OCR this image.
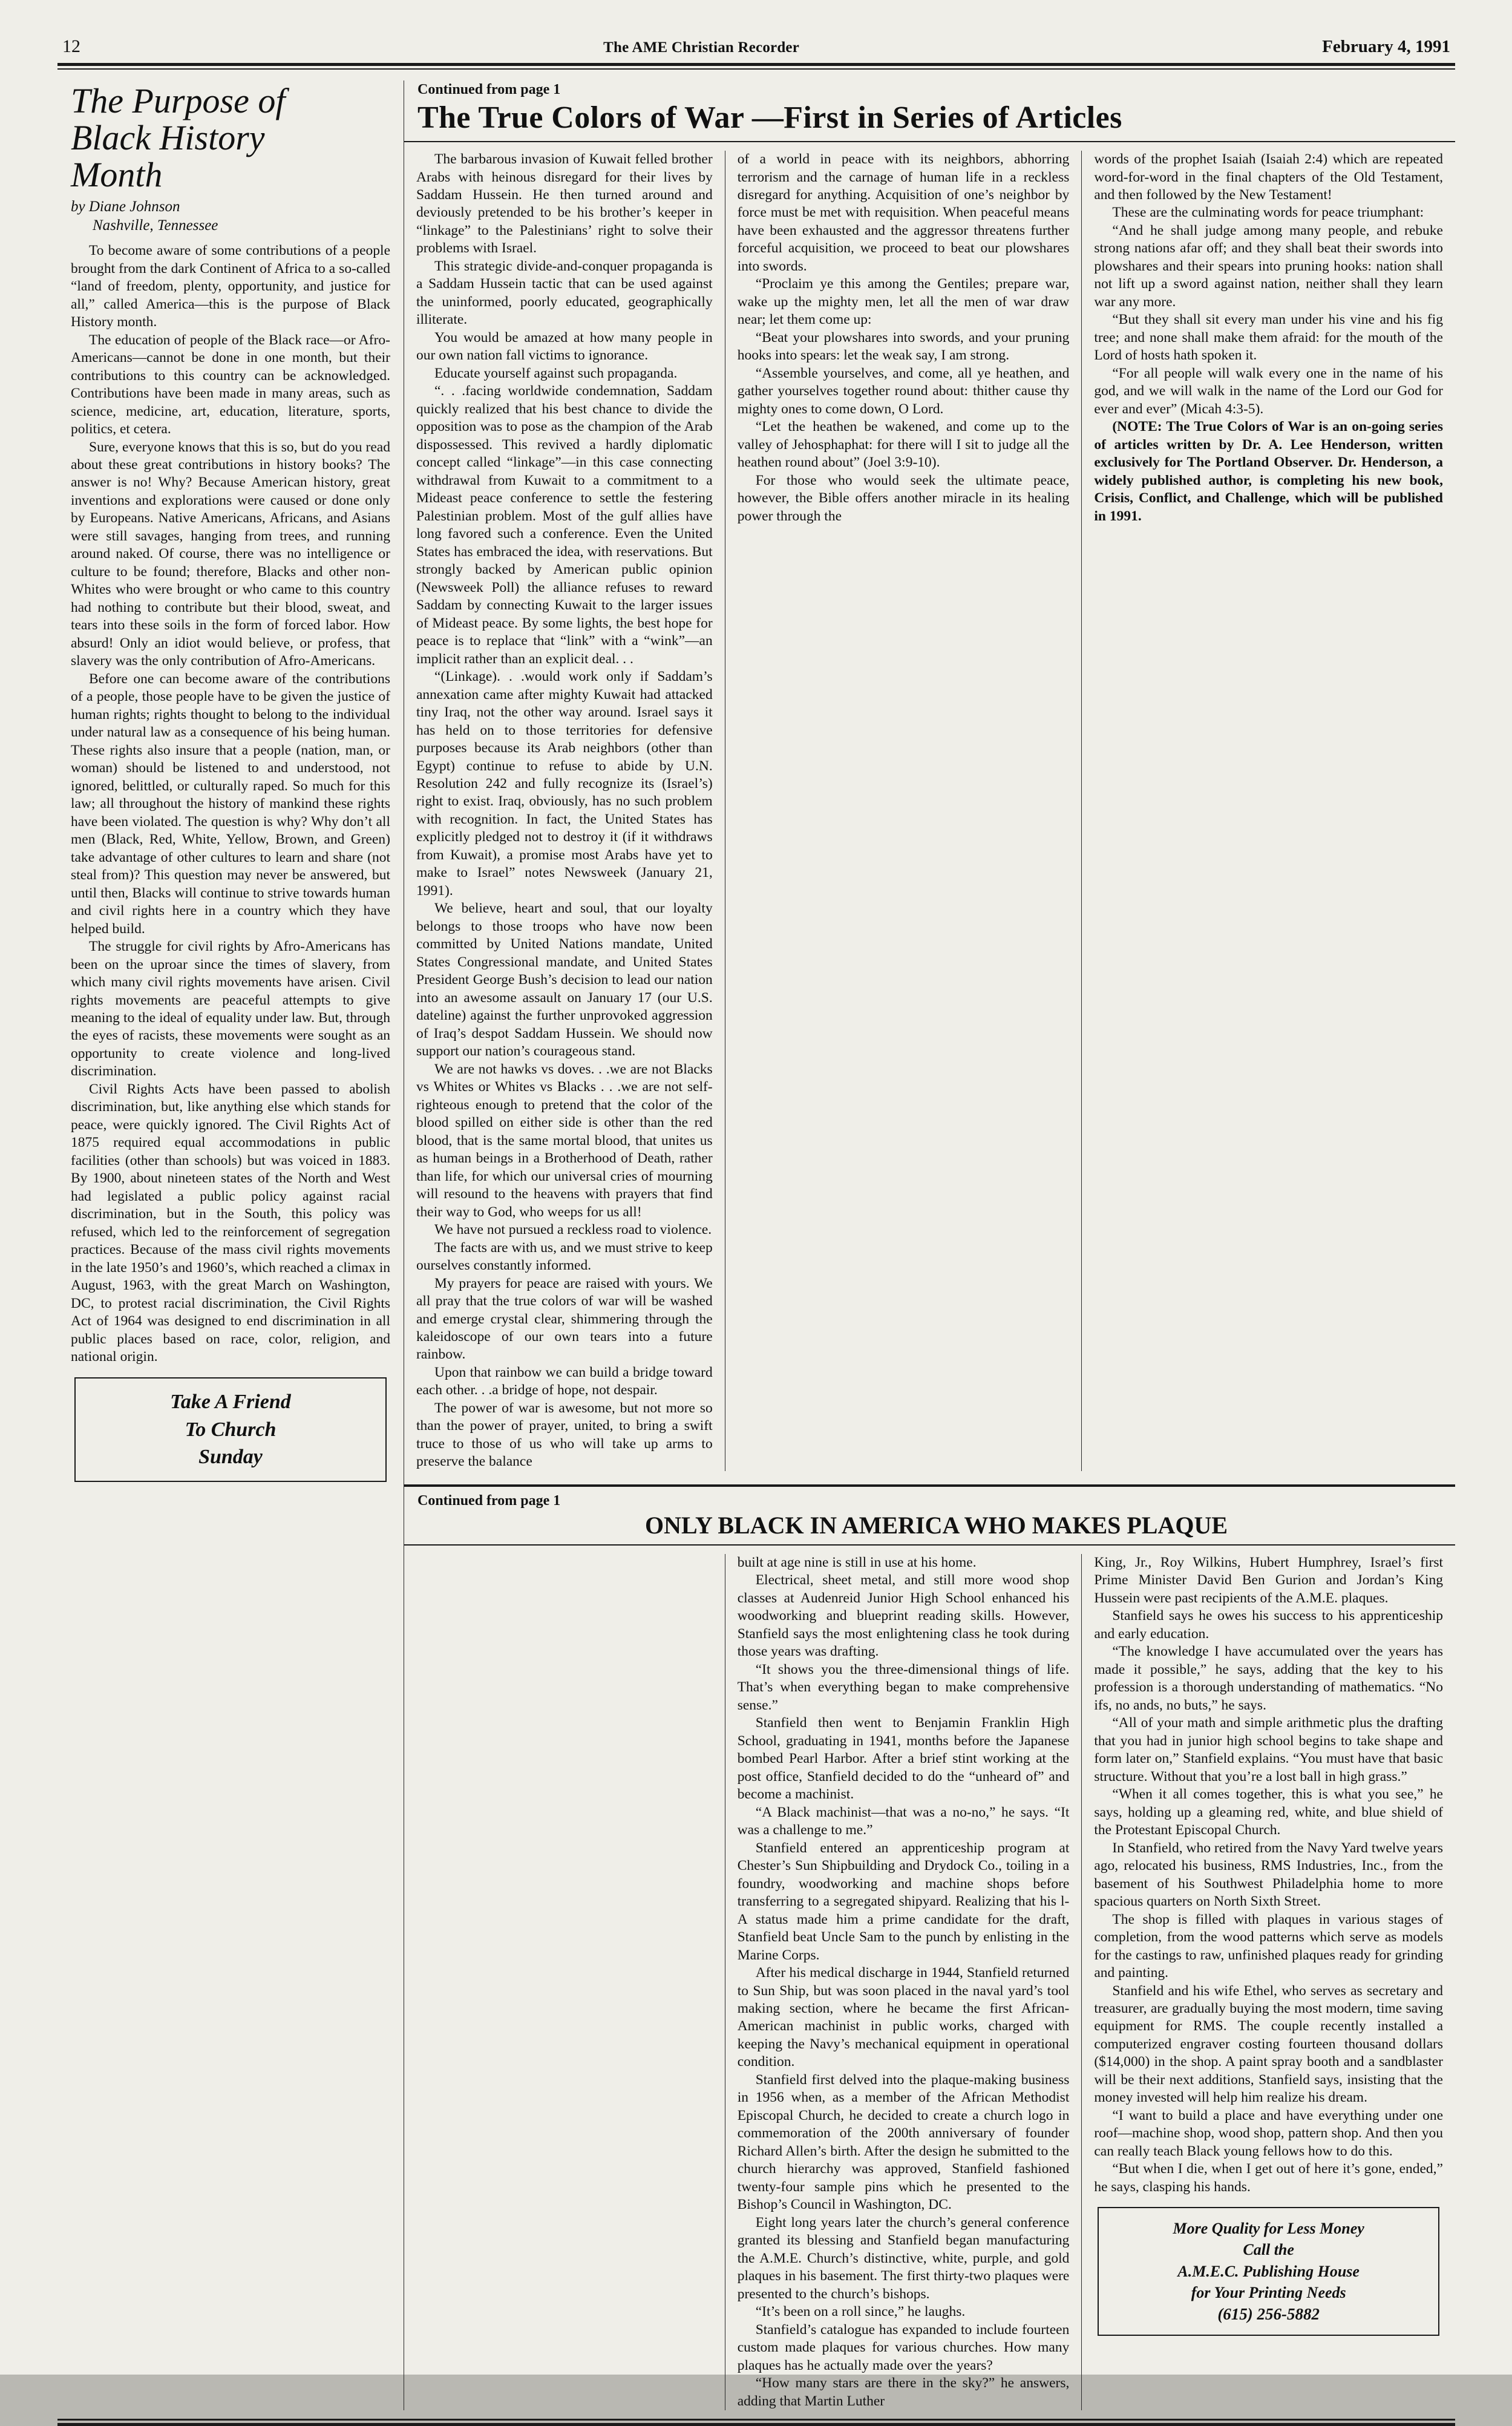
12	The AME Christian Recorder	February 4, 1991
The Purpose of
Black History
Month
by Diane Johnson
Nashville, Tennessee

To become aware of some contributions of a people brought from the dark Continent of Africa to a so-called “land of freedom, plenty, opportunity, and justice for all,” called America—this is the purpose of Black History month.

The education of people of the Black race—or Afro-Americans—cannot be done in one month, but their contributions to this country can be acknowledged. Contributions have been made in many areas, such as science, medicine, art, education, literature, sports, politics, et cetera.

Sure, everyone knows that this is so, but do you read about these great contributions in history books? The answer is no! Why? Because American history, great inventions and explorations were caused or done only by Europeans. Native Americans, Africans, and Asians were still savages, hanging from trees, and running around naked. Of course, there was no intelligence or culture to be found; therefore, Blacks and other non-Whites who were brought or who came to this country had nothing to contribute but their blood, sweat, and tears into these soils in the form of forced labor. How absurd! Only an idiot would believe, or profess, that slavery was the only contribution of Afro-Americans.

Before one can become aware of the contributions of a people, those people have to be given the justice of human rights; rights thought to belong to the individual under natural law as a consequence of his being human. These rights also insure that a people (nation, man, or woman) should be listened to and understood, not ignored, belittled, or culturally raped. So much for this law; all throughout the history of mankind these rights have been violated. The question is why? Why don’t all men (Black, Red, White, Yellow, Brown, and Green) take advantage of other cultures to learn and share (not steal from)? This question may never be answered, but until then, Blacks will continue to strive towards human and civil rights here in a country which they have helped build.

The struggle for civil rights by Afro-Americans has been on the uproar since the times of slavery, from which many civil rights movements have arisen. Civil rights movements are peaceful attempts to give meaning to the ideal of equality under law. But, through the eyes of racists, these movements were sought as an opportunity to create violence and long-lived discrimination.

Civil Rights Acts have been passed to abolish discrimination, but, like anything else which stands for peace, were quickly ignored. The Civil Rights Act of 1875 required equal accommodations in public facilities (other than schools) but was voiced in 1883. By 1900, about nineteen states of the North and West had legislated a public policy against racial discrimination, but in the South, this policy was refused, which led to the reinforcement of segregation practices. Because of the mass civil rights movements in the late 1950’s and 1960’s, which reached a climax in August, 1963, with the great March on Washington, DC, to protest racial discrimination, the Civil Rights Act of 1964 was designed to end discrimination in all public places based on race, color, religion, and national origin.

Take A Friend
To Church
Sunday
Continued from page 1
The True Colors of War —First in Series of Articles

The barbarous invasion of Kuwait felled brother Arabs with heinous disregard for their lives by Saddam Hussein. He then turned around and deviously pretended to be his brother’s keeper in “linkage” to the Palestinians’ right to solve their problems with Israel.

This strategic divide-and-conquer propaganda is a Saddam Hussein tactic that can be used against the uninformed, poorly educated, geographically illiterate.

You would be amazed at how many people in our own nation fall victims to ignorance.

Educate yourself against such propaganda.

“. . .facing worldwide condemnation, Saddam quickly realized that his best chance to divide the opposition was to pose as the champion of the Arab dispossessed. This revived a hardly diplomatic concept called “linkage”—in this case connecting withdrawal from Kuwait to a commitment to a Mideast peace conference to settle the festering Palestinian problem. Most of the gulf allies have long favored such a conference. Even the United States has embraced the idea, with reservations. But strongly backed by American public opinion (Newsweek Poll) the alliance refuses to reward Saddam by connecting Kuwait to the larger issues of Mideast peace. By some lights, the best hope for peace is to replace that “link” with a “wink”—an implicit rather than an explicit deal. . .

“(Linkage). . .would work only if Saddam’s annexation came after mighty Kuwait had attacked tiny Iraq, not the other way around. Israel says it has held on to those territories for defensive purposes because its Arab neighbors (other than Egypt) continue to refuse to abide by U.N. Resolution 242 and fully recognize its (Israel’s) right to exist. Iraq, obviously, has no such problem with recognition. In fact, the United States has explicitly pledged not to destroy it (if it withdraws from Kuwait), a promise most Arabs have yet to make to Israel” notes Newsweek (January 21, 1991).

We believe, heart and soul, that our loyalty belongs to those troops who have now been committed by United Nations mandate, United States Congressional mandate, and United States President George Bush’s decision to lead our nation into an awesome assault on January 17 (our U.S. dateline) against the further unprovoked aggression of Iraq’s despot Saddam Hussein. We should now support our nation’s courageous stand.

We are not hawks vs doves. . .we are not Blacks vs Whites or Whites vs Blacks . . .we are not self-righteous enough to pretend that the color of the blood spilled on either side is other than the red blood, that is the same mortal blood, that unites us as human beings in a Brotherhood of Death, rather than life, for which our universal cries of mourning will resound to the heavens with prayers that find their way to God, who weeps for us all!

We have not pursued a reckless road to violence.

The facts are with us, and we must strive to keep ourselves constantly informed.

My prayers for peace are raised with yours. We all pray that the true colors of war will be washed and emerge crystal clear, shimmering through the kaleidoscope of our own tears into a future rainbow.

Upon that rainbow we can build a bridge toward each other. . .a bridge of hope, not despair.

The power of war is awesome, but not more so than the power of prayer, united, to bring a swift truce to those of us who will take up arms to preserve the balance

of a world in peace with its neighbors, abhorring terrorism and the carnage of human life in a reckless disregard for anything. Acquisition of one’s neighbor by force must be met with requisition. When peaceful means have been exhausted and the aggressor threatens further forceful acquisition, we proceed to beat our plowshares into swords.

“Proclaim ye this among the Gentiles; prepare war, wake up the mighty men, let all the men of war draw near; let them come up:

“Beat your plowshares into swords, and your pruning hooks into spears: let the weak say, I am strong.

“Assemble yourselves, and come, all ye heathen, and gather yourselves together round about: thither cause thy mighty ones to come down, O Lord.

“Let the heathen be wakened, and come up to the valley of Jehosphaphat: for there will I sit to judge all the heathen round about” (Joel 3:9-10).

For those who would seek the ultimate peace, however, the Bible offers another miracle in its healing power through the

words of the prophet Isaiah (Isaiah 2:4) which are repeated word-for-word in the final chapters of the Old Testament, and then followed by the New Testament!

These are the culminating words for peace triumphant:

“And he shall judge among many people, and rebuke strong nations afar off; and they shall beat their swords into plowshares and their spears into pruning hooks: nation shall not lift up a sword against nation, neither shall they learn war any more.

“But they shall sit every man under his vine and his fig tree; and none shall make them afraid: for the mouth of the Lord of hosts hath spoken it.

“For all people will walk every one in the name of his god, and we will walk in the name of the Lord our God for ever and ever” (Micah 4:3-5).

(NOTE: The True Colors of War is an on-going series of articles written by Dr. A. Lee Henderson, written exclusively for The Portland Observer. Dr. Henderson, a widely published author, is completing his new book, Crisis, Conflict, and Challenge, which will be published in 1991.

Continued from page 1
ONLY BLACK IN AMERICA WHO MAKES PLAQUE

built at age nine is still in use at his home.

Electrical, sheet metal, and still more wood shop classes at Audenreid Junior High School enhanced his woodworking and blueprint reading skills. However, Stanfield says the most enlightening class he took during those years was drafting.

“It shows you the three-dimensional things of life. That’s when everything began to make comprehensive sense.”

Stanfield then went to Benjamin Franklin High School, graduating in 1941, months before the Japanese bombed Pearl Harbor. After a brief stint working at the post office, Stanfield decided to do the “unheard of” and become a machinist.

“A Black machinist—that was a no-no,” he says. “It was a challenge to me.”

Stanfield entered an apprenticeship program at Chester’s Sun Shipbuilding and Drydock Co., toiling in a foundry, woodworking and machine shops before transferring to a segregated shipyard. Realizing that his l-A status made him a prime candidate for the draft, Stanfield beat Uncle Sam to the punch by enlisting in the Marine Corps.

After his medical discharge in 1944, Stanfield returned to Sun Ship, but was soon placed in the naval yard’s tool making section, where he became the first African-American machinist in public works, charged with keeping the Navy’s mechanical equipment in operational condition.

Stanfield first delved into the plaque-making business in 1956 when, as a member of the African Methodist Episcopal Church, he decided to create a church logo in commemoration of the 200th anniversary of founder Richard Allen’s birth. After the design he submitted to the church hierarchy was approved, Stanfield fashioned twenty-four sample pins which he presented to the Bishop’s Council in Washington, DC.

Eight long years later the church’s general conference granted its blessing and Stanfield began manufacturing the A.M.E. Church’s distinctive, white, purple, and gold plaques in his basement. The first thirty-two plaques were presented to the church’s bishops.

“It’s been on a roll since,” he laughs.

Stanfield’s catalogue has expanded to include fourteen custom made plaques for various churches. How many plaques has he actually made over the years?

“How many stars are there in the sky?” he answers, adding that Martin Luther

King, Jr., Roy Wilkins, Hubert Humphrey, Israel’s first Prime Minister David Ben Gurion and Jordan’s King Hussein were past recipients of the A.M.E. plaques.

Stanfield says he owes his success to his apprenticeship and early education.

“The knowledge I have accumulated over the years has made it possible,” he says, adding that the key to his profession is a thorough understanding of mathematics. “No ifs, no ands, no buts,” he says.

“All of your math and simple arithmetic plus the drafting that you had in junior high school begins to take shape and form later on,” Stanfield explains. “You must have that basic structure. Without that you’re a lost ball in high grass.”

“When it all comes together, this is what you see,” he says, holding up a gleaming red, white, and blue shield of the Protestant Episcopal Church.

In Stanfield, who retired from the Navy Yard twelve years ago, relocated his business, RMS Industries, Inc., from the basement of his Southwest Philadelphia home to more spacious quarters on North Sixth Street.

The shop is filled with plaques in various stages of completion, from the wood patterns which serve as models for the castings to raw, unfinished plaques ready for grinding and painting.

Stanfield and his wife Ethel, who serves as secretary and treasurer, are gradually buying the most modern, time saving equipment for RMS. The couple recently installed a computerized engraver costing fourteen thousand dollars ($14,000) in the shop. A paint spray booth and a sandblaster will be their next additions, Stanfield says, insisting that the money invested will help him realize his dream.

“I want to build a place and have everything under one roof—machine shop, wood shop, pattern shop. And then you can really teach Black young fellows how to do this.

“But when I die, when I get out of here it’s gone, ended,” he says, clasping his hands.

More Quality for Less Money
Call the
A.M.E.C. Publishing House
for Your Printing Needs
(615) 256-5882
